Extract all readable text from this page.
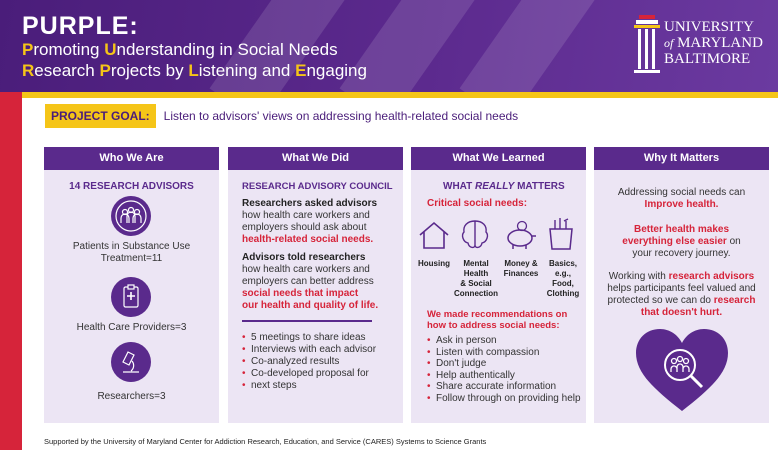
PURPLE:
Promoting Understanding in Social Needs
Research Projects by Listening and Engaging
UNIVERSITY
of MARYLAND
BALTIMORE
PROJECT GOAL:	Listen to advisors' views on addressing health-related social needs
Who We Are
14 RESEARCH ADVISORS
Patients in Substance Use
Treatment=11
Health Care Providers=3
Researchers=3
What We Did
RESEARCH ADVISORY COUNCIL
Researchers asked advisors
how health care workers and
employers should ask about
health-related social needs.
Advisors told researchers
how health care workers and
employers can better address
social needs that impact
our health and quality of life.
• 5 meetings to share ideas
• Interviews with each advisor
• Co-analyzed results
• Co-developed proposal for
• next steps
What We Learned
WHAT REALLY MATTERS
Critical social needs:
Housing	Mental
Health
& Social
Connection
Money &
Finances
Basics,
e.g.,
Food,
Clothing
We made recommendations on
how to address social needs:
• Ask in person
• Listen with compassion
• Don't judge
• Help authentically
• Share accurate information
• Follow through on providing help
Why It Matters
Addressing social needs can
Improve health.
Better health makes
everything else easier on
your recovery journey.
Working with research advisors
helps participants feel valued and
protected so we can do research
that doesn't hurt.
Supported by the University of Maryland Center for Addiction Research, Education, and Service (CARES) Systems to Science Grants
